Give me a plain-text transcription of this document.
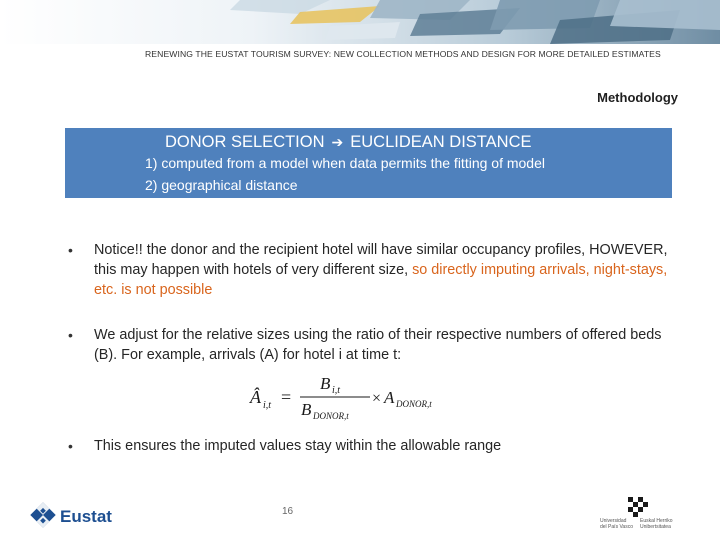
RENEWING THE EUSTAT TOURISM SURVEY: NEW COLLECTION METHODS AND DESIGN FOR MORE DETAILED ESTIMATES
Methodology
DONOR SELECTION ➔ EUCLIDEAN DISTANCE
1) computed from a model when data permits the fitting of model
2) geographical distance
• Notice!! the donor and the recipient hotel will have similar occupancy profiles, HOWEVER, this may happen with hotels of very different size, so directly imputing arrivals, night-stays, etc. is not possible
• We adjust for the relative sizes using the ratio of their respective numbers of offered beds (B). For example, arrivals (A) for hotel i at time t:
Â i,t =
B i,t
B DONOR,t
× A DONOR,t
• This ensures the imputed values stay within the allowable range
16
Eustat	Universidad
del País Vasco
Euskal Herriko
Unibertsitatea
